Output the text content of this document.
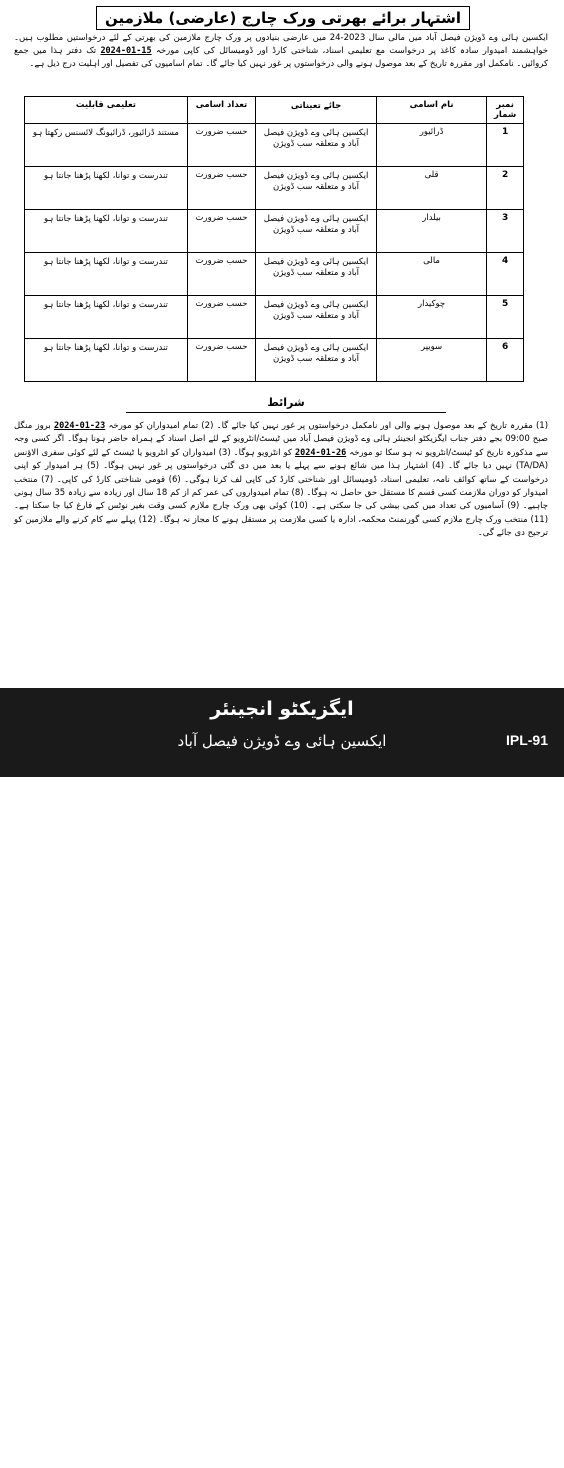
اشتہار برائے بھرتی ورک چارج (عارضی) ملازمین
ایکسین ہائی وے ڈویژن فیصل آباد میں مالی سال 2023-24 میں عارضی بنیادوں پر ورک چارج ملازمین کی بھرتی کے لئے درخواستیں مطلوب ہیں۔ خواہشمند امیدوار سادہ کاغذ پر درخواست مع تعلیمی اسناد، شناختی کارڈ اور ڈومیسائل کی کاپی مورخہ 15-01-2024 تک دفتر ہذا میں جمع کروائیں۔ نامکمل اور مقررہ تاریخ کے بعد موصول ہونے والی درخواستوں پر غور نہیں کیا جائے گا۔ تمام اسامیوں کی تفصیل اور اہلیت درج ذیل ہے۔
نمبر شمار	نام اسامی	جائے تعیناتی	تعداد اسامی	تعلیمی قابلیت
1	ڈرائیور	ایکسین ہائی وے ڈویژن فیصل آباد و متعلقہ سب ڈویژن	حسب ضرورت	مستند ڈرائیور، ڈرائیونگ لائسنس رکھتا ہو
2	قلی	ایکسین ہائی وے ڈویژن فیصل آباد و متعلقہ سب ڈویژن	حسب ضرورت	تندرست و توانا، لکھنا پڑھنا جانتا ہو
3	بیلدار	ایکسین ہائی وے ڈویژن فیصل آباد و متعلقہ سب ڈویژن	حسب ضرورت	تندرست و توانا، لکھنا پڑھنا جانتا ہو
4	مالی	ایکسین ہائی وے ڈویژن فیصل آباد و متعلقہ سب ڈویژن	حسب ضرورت	تندرست و توانا، لکھنا پڑھنا جانتا ہو
5	چوکیدار	ایکسین ہائی وے ڈویژن فیصل آباد و متعلقہ سب ڈویژن	حسب ضرورت	تندرست و توانا، لکھنا پڑھنا جانتا ہو
6	سویپر	ایکسین ہائی وے ڈویژن فیصل آباد و متعلقہ سب ڈویژن	حسب ضرورت	تندرست و توانا، لکھنا پڑھنا جانتا ہو
شرائط
(1) مقررہ تاریخ کے بعد موصول ہونے والی اور نامکمل درخواستوں پر غور نہیں کیا جائے گا۔ (2) تمام امیدواران کو مورخہ 23-01-2024 بروز منگل صبح 09:00 بجے دفتر جناب ایگزیکٹو انجینئر ہائی وے ڈویژن فیصل آباد میں ٹیسٹ/انٹرویو کے لئے اصل اسناد کے ہمراہ حاضر ہونا ہوگا۔ اگر کسی وجہ سے مذکورہ تاریخ کو ٹیسٹ/انٹرویو نہ ہو سکا تو مورخہ 26-01-2024 کو انٹرویو ہوگا۔ (3) امیدواران کو انٹرویو یا ٹیسٹ کے لئے کوئی سفری الاؤنس (TA/DA) نہیں دیا جائے گا۔ (4) اشتہار ہذا میں شائع ہونے سے پہلے یا بعد میں دی گئی درخواستوں پر غور نہیں ہوگا۔ (5) ہر امیدوار کو اپنی درخواست کے ساتھ کوائف نامہ، تعلیمی اسناد، ڈومیسائل اور شناختی کارڈ کی کاپی لف کرنا ہوگی۔ (6) قومی شناختی کارڈ کی کاپی۔ (7) منتخب امیدوار کو دوران ملازمت کسی قسم کا مستقل حق حاصل نہ ہوگا۔ (8) تمام امیدواروں کی عمر کم از کم 18 سال اور زیادہ سے زیادہ 35 سال ہونی چاہیے۔ (9) آسامیوں کی تعداد میں کمی بیشی کی جا سکتی ہے۔ (10) کوئی بھی ورک چارج ملازم کسی وقت بغیر نوٹس کے فارغ کیا جا سکتا ہے۔ (11) منتخب ورک چارج ملازم کسی گورنمنٹ محکمہ، ادارہ یا کسی ملازمت پر مستقل ہونے کا مجاز نہ ہوگا۔ (12) پہلے سے کام کرنے والے ملازمین کو ترجیح دی جائے گی۔
ایگزیکٹو انجینئر
ایکسین ہائی وے ڈویژن فیصل آباد	IPL-91
